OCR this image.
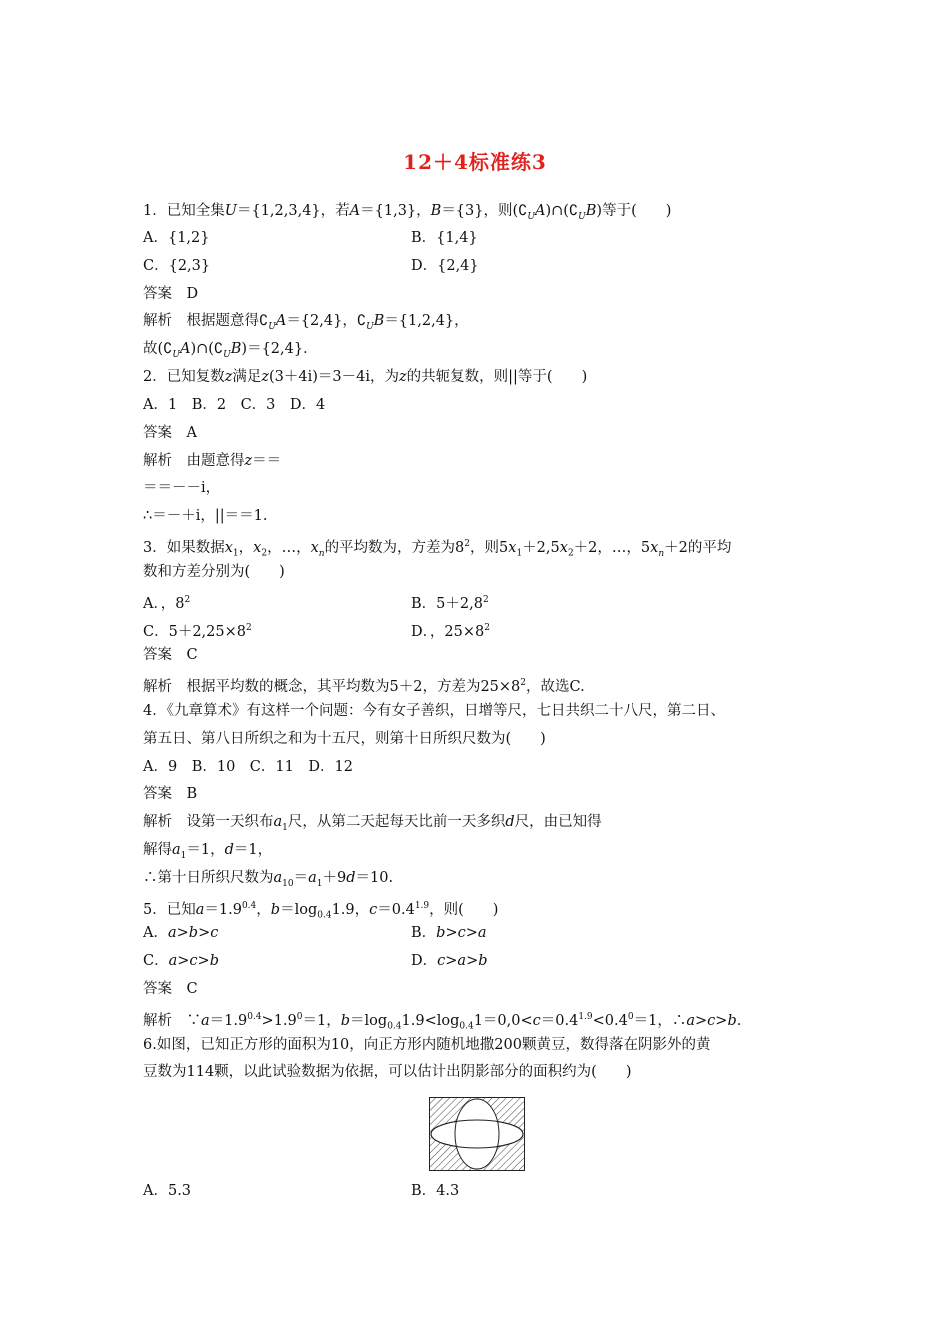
12＋4标准练3
1．已知全集U＝{1,2,3,4}，若A＝{1,3}，B＝{3}，则$(∁_UA)\cap(∁_UB)$等于(　　)
A．{1,2}	B．{1,4}
C．{2,3}	D．{2,4}
答案　D
解析　根据题意得$∁_UA=\{2,4\}$，$∁_UB=\{1,2,4\}$，
故$(∁_UA)\cap(∁_UB)=\{2,4\}$．
2．已知复数z满足z(3＋4i)＝3－4i，为z的共轭复数，则||等于(　　)
A．1　B．2　C．3　D．4
答案　A
解析　由题意得z＝＝
＝＝－－i，
∴＝－＋i，||＝＝1.
3．如果数据$x_1$，$x_2$，…，$x_n$的平均数为，方差为$8^2$，则$5x_1+2,5x_2+2$，…，$5x_n+2$的平均
数和方差分别为(　　)
A．，$8^2$	B．$5+2,8^2$
C．$5+2,25\times 8^2$	D．，$25\times 8^2$
答案　C
解析　根据平均数的概念，其平均数为5＋2，方差为$25\times 8^2$，故选C.
4．《九章算术》有这样一个问题：今有女子善织，日增等尺，七日共织二十八尺，第二日、
第五日、第八日所织之和为十五尺，则第十日所织尺数为(　　)
A．9　B．10　C．11　D．12
答案　B
解析　设第一天织布$a_1$尺，从第二天起每天比前一天多织d尺，由已知得
解得$a_1=1$，d＝1，
∴第十日所织尺数为$a_{10}=a_1+9d=10$.
5．已知$a=1.9^{0.4}$，$b=\log_{0.4}1.9$，$c=0.4^{1.9}$，则(　　)
A．a>b>c	B．b>c>a
C．a>c>b	D．c>a>b
答案　C
解析　$\because a=1.9^{0.4}>1.9^0=1$，$b=\log_{0.4}1.9<\log_{0.4}1=0,0<c=0.4^{1.9}<0.4^0=1$，∴a>c>b.
6.如图，已知正方形的面积为10，向正方形内随机地撒200颗黄豆，数得落在阴影外的黄
豆数为114颗，以此试验数据为依据，可以估计出阴影部分的面积约为(　　)
A．5.3	B．4.3
